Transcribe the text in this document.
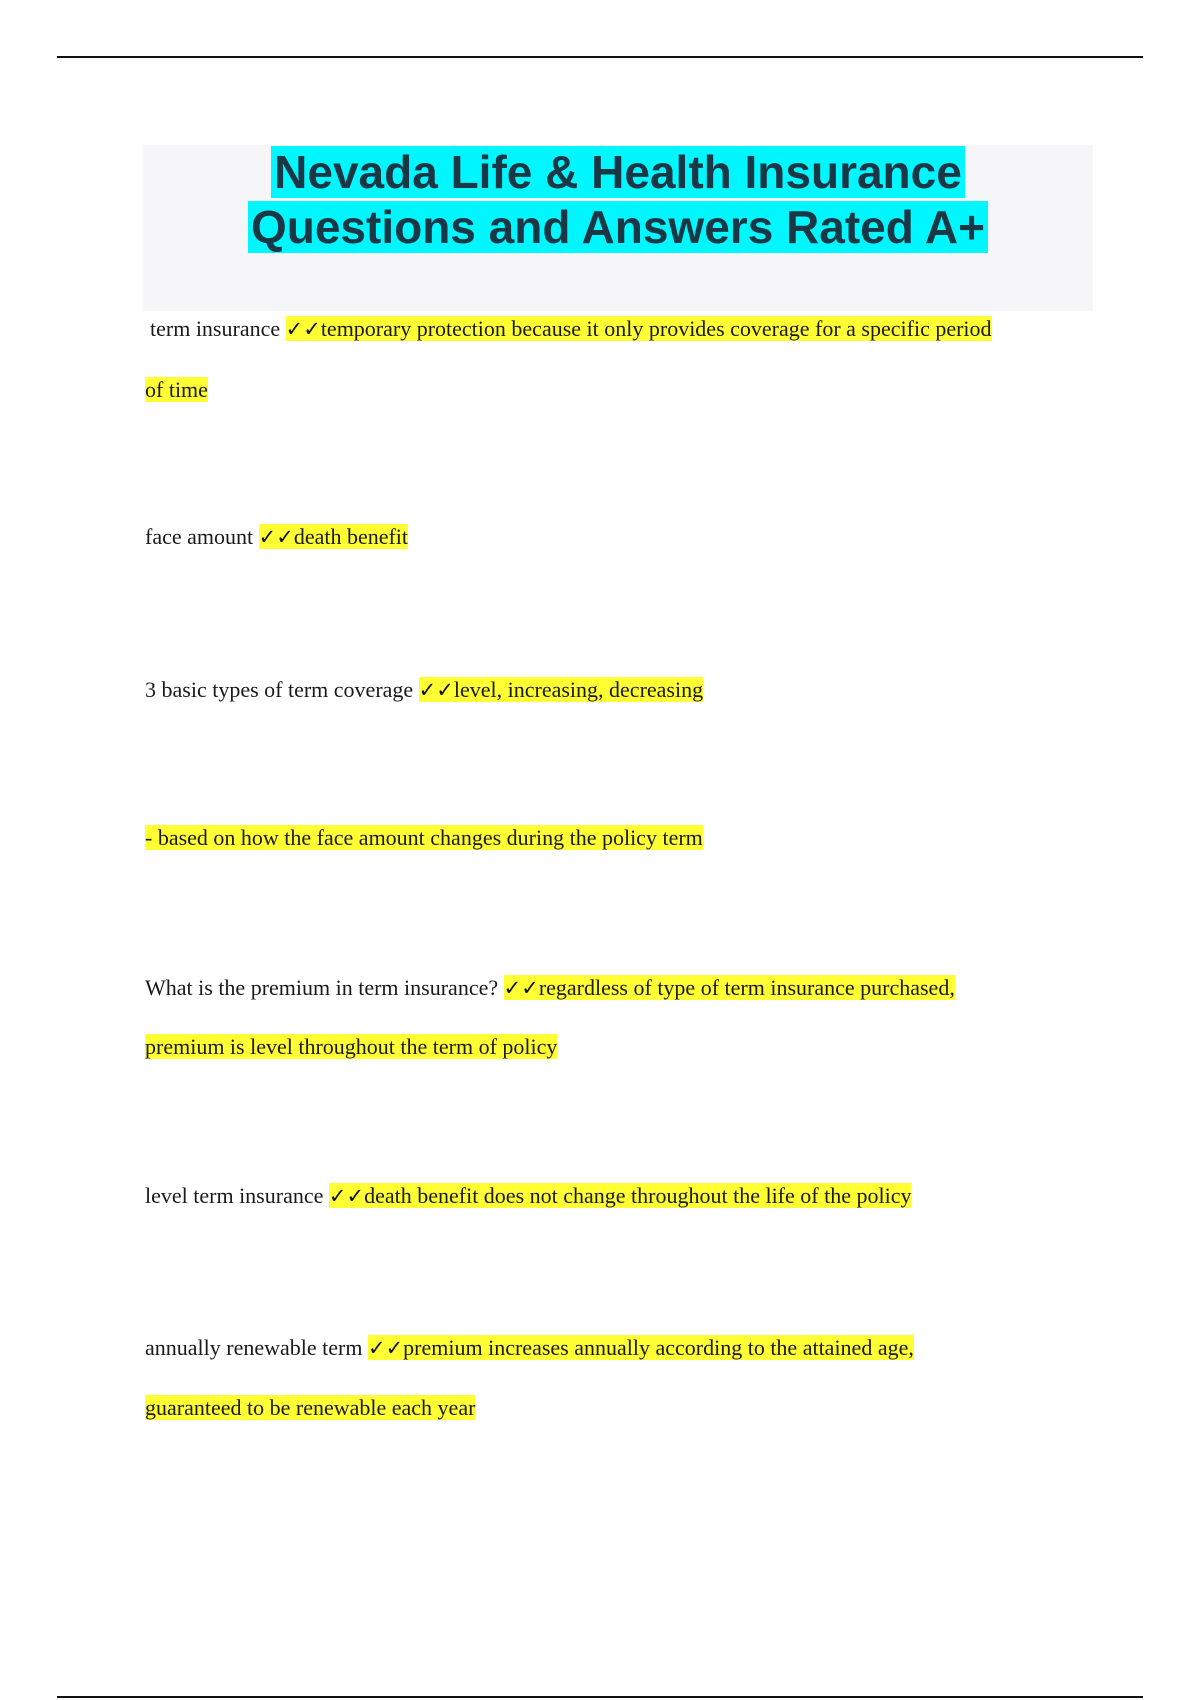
Nevada Life & Health Insurance
Questions and Answers Rated A+
term insurance ✓✓temporary protection because it only provides coverage for a specific period
of time
face amount ✓✓death benefit
3 basic types of term coverage ✓✓level, increasing, decreasing
- based on how the face amount changes during the policy term
What is the premium in term insurance? ✓✓regardless of type of term insurance purchased,
premium is level throughout the term of policy
level term insurance ✓✓death benefit does not change throughout the life of the policy
annually renewable term ✓✓premium increases annually according to the attained age,
guaranteed to be renewable each year
